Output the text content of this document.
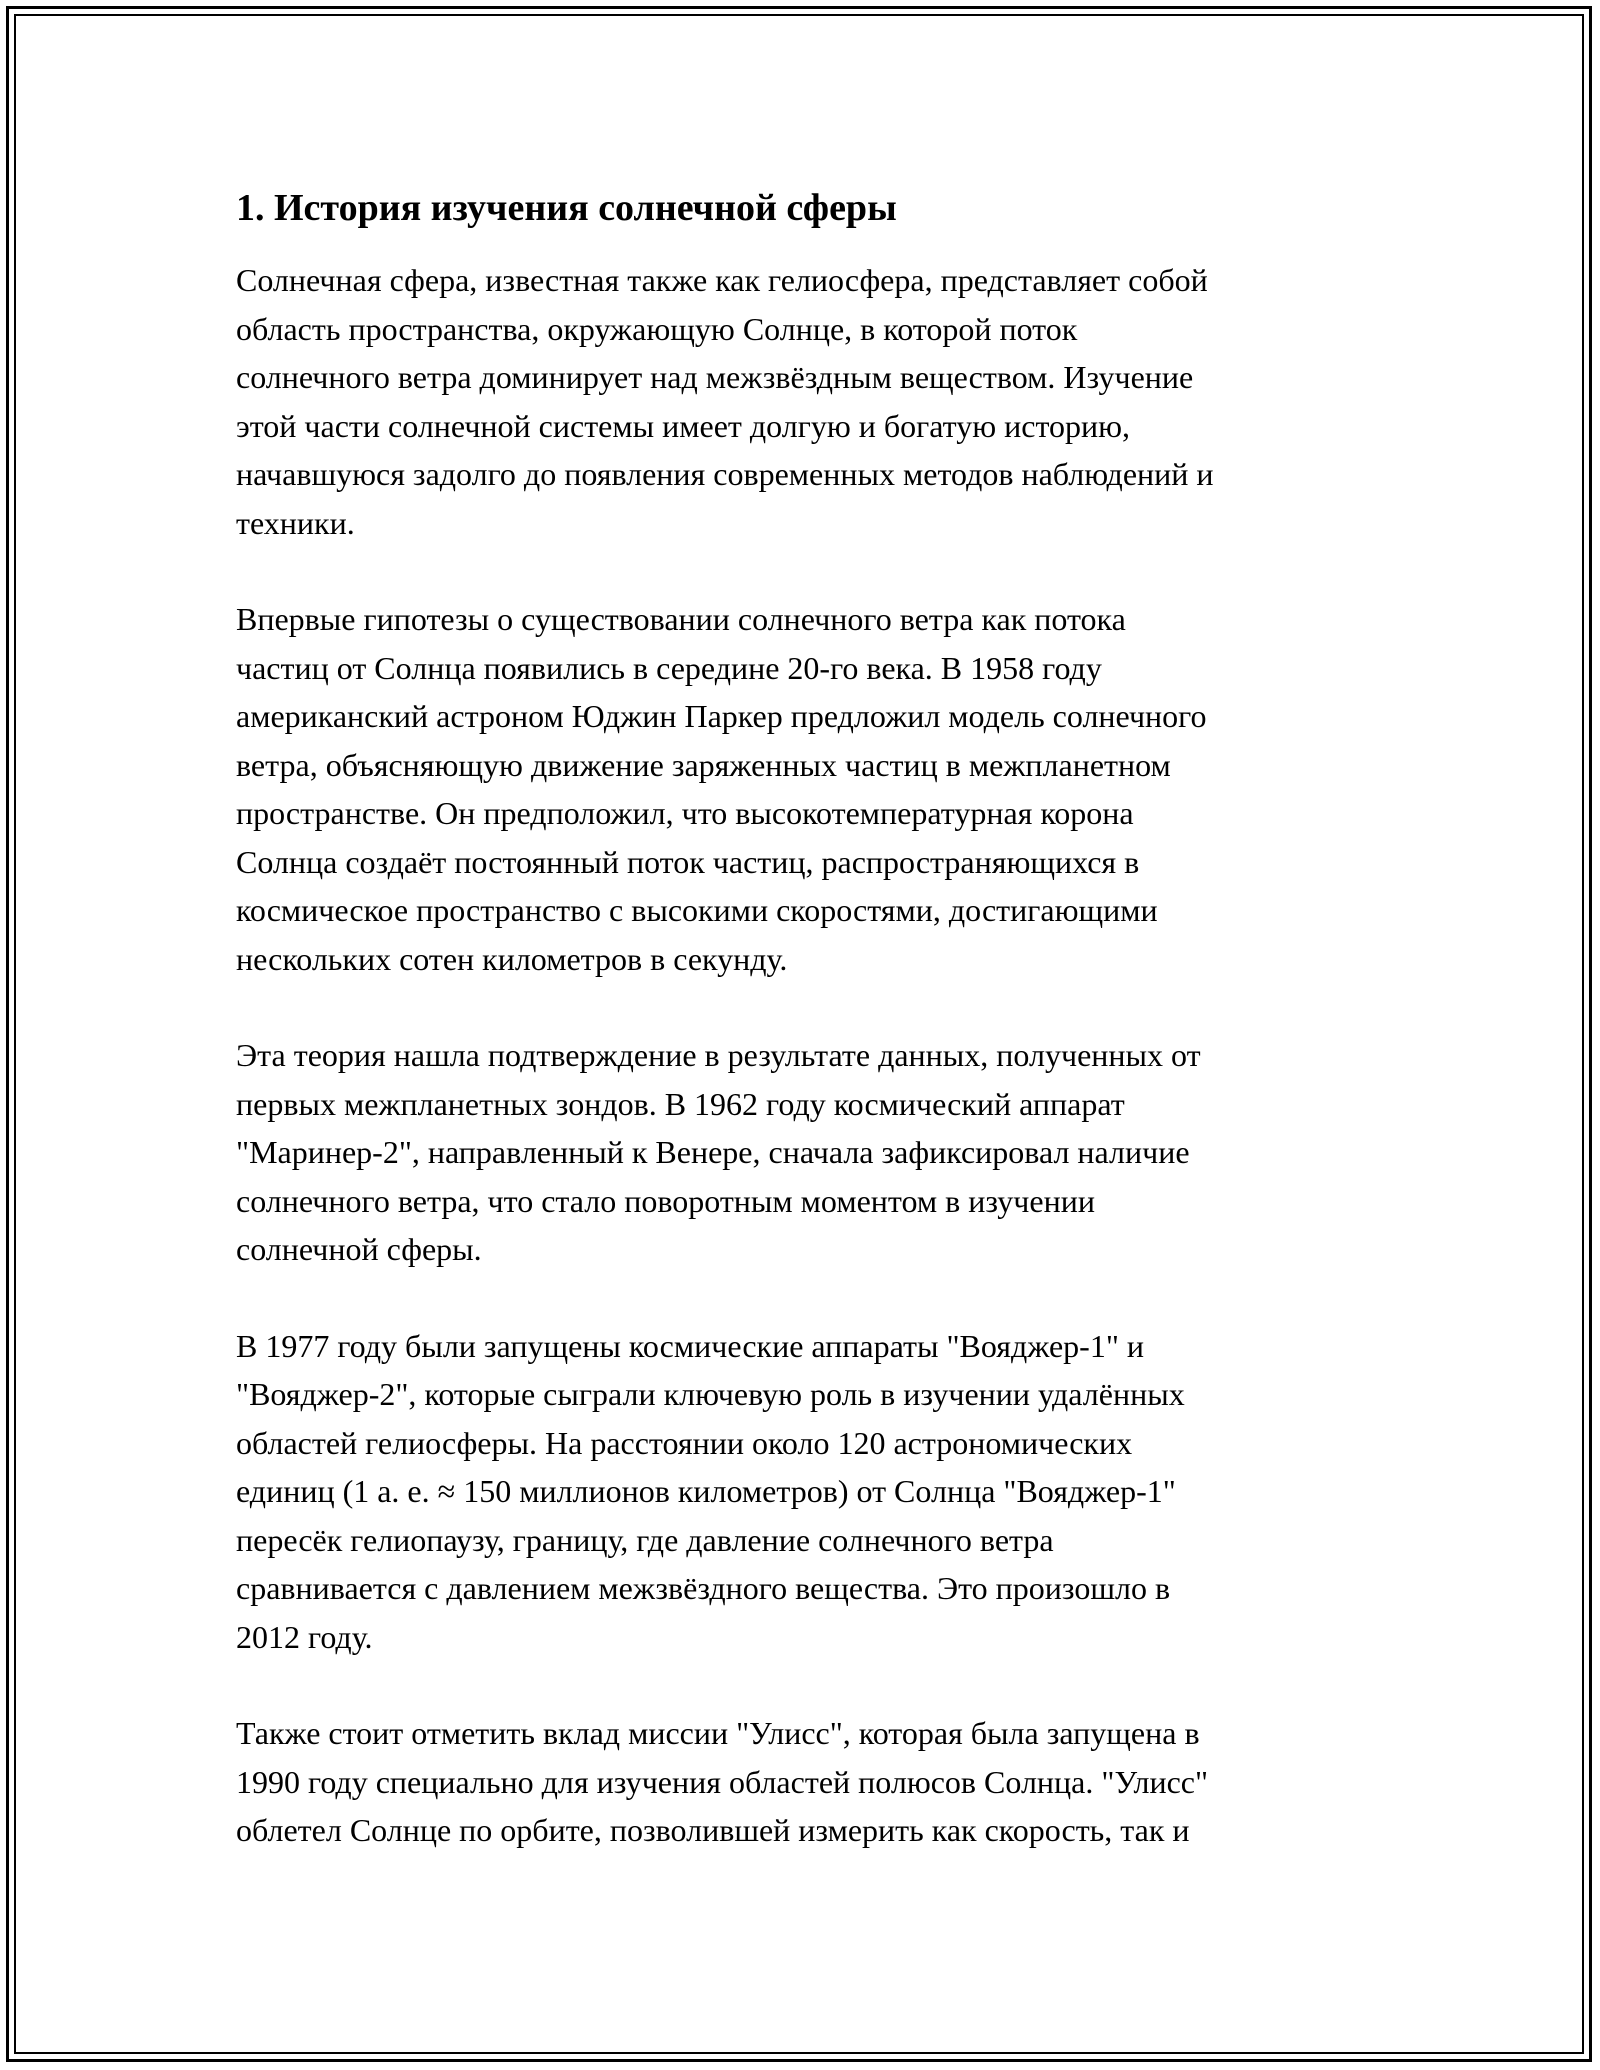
1. История изучения солнечной сферы

Солнечная сфера, известная также как гелиосфера, представляет собой
область пространства, окружающую Солнце, в которой поток
солнечного ветра доминирует над межзвёздным веществом. Изучение
этой части солнечной системы имеет долгую и богатую историю,
начавшуюся задолго до появления современных методов наблюдений и
техники.

Впервые гипотезы о существовании солнечного ветра как потока
частиц от Солнца появились в середине 20-го века. В 1958 году
американский астроном Юджин Паркер предложил модель солнечного
ветра, объясняющую движение заряженных частиц в межпланетном
пространстве. Он предположил, что высокотемпературная корона
Солнца создаёт постоянный поток частиц, распространяющихся в
космическое пространство с высокими скоростями, достигающими
нескольких сотен километров в секунду.

Эта теория нашла подтверждение в результате данных, полученных от
первых межпланетных зондов. В 1962 году космический аппарат
"Маринер-2", направленный к Венере, сначала зафиксировал наличие
солнечного ветра, что стало поворотным моментом в изучении
солнечной сферы.

В 1977 году были запущены космические аппараты "Вояджер-1" и
"Вояджер-2", которые сыграли ключевую роль в изучении удалённых
областей гелиосферы. На расстоянии около 120 астрономических
единиц (1 а. е. ≈ 150 миллионов километров) от Солнца "Вояджер-1"
пересёк гелиопаузу, границу, где давление солнечного ветра
сравнивается с давлением межзвёздного вещества. Это произошло в
2012 году.

Также стоит отметить вклад миссии "Улисс", которая была запущена в
1990 году специально для изучения областей полюсов Солнца. "Улисс"
облетел Солнце по орбите, позволившей измерить как скорость, так и
